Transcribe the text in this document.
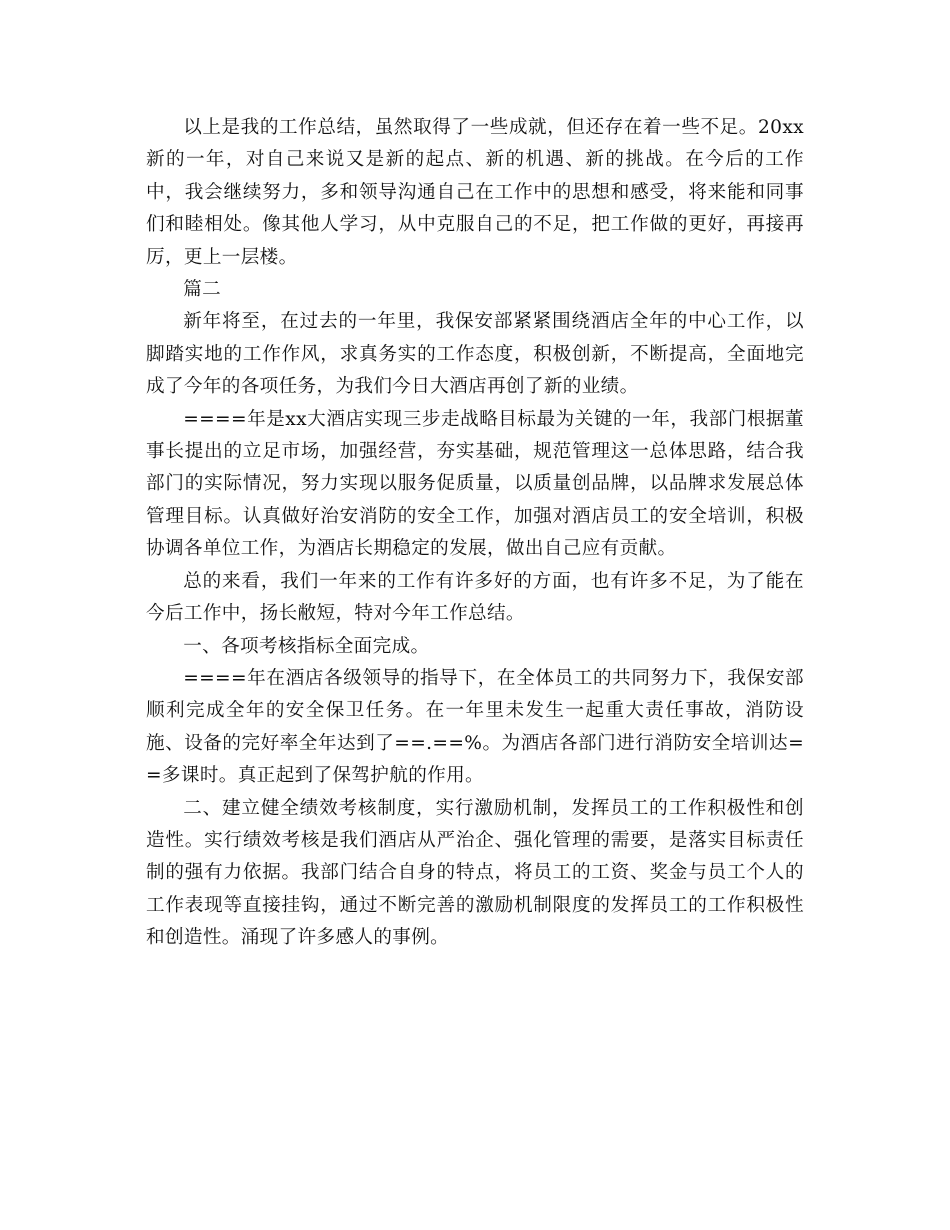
以上是我的工作总结，虽然取得了一些成就，但还存在着一些不足。20xx新的一年，对自己来说又是新的起点、新的机遇、新的挑战。在今后的工作中，我会继续努力，多和领导沟通自己在工作中的思想和感受，将来能和同事们和睦相处。像其他人学习，从中克服自己的不足，把工作做的更好，再接再厉，更上一层楼。

篇二

新年将至，在过去的一年里，我保安部紧紧围绕酒店全年的中心工作，以脚踏实地的工作作风，求真务实的工作态度，积极创新，不断提高，全面地完成了今年的各项任务，为我们今日大酒店再创了新的业绩。

====年是xx大酒店实现三步走战略目标最为关键的一年，我部门根据董事长提出的立足市场，加强经营，夯实基础，规范管理这一总体思路，结合我部门的实际情况，努力实现以服务促质量，以质量创品牌，以品牌求发展总体管理目标。认真做好治安消防的安全工作，加强对酒店员工的安全培训，积极协调各单位工作，为酒店长期稳定的发展，做出自己应有贡献。

总的来看，我们一年来的工作有许多好的方面，也有许多不足，为了能在今后工作中，扬长敝短，特对今年工作总结。

一、各项考核指标全面完成。

====年在酒店各级领导的指导下，在全体员工的共同努力下，我保安部顺利完成全年的安全保卫任务。在一年里未发生一起重大责任事故，消防设施、设备的完好率全年达到了==.==%。为酒店各部门进行消防安全培训达==多课时。真正起到了保驾护航的作用。

二、建立健全绩效考核制度，实行激励机制，发挥员工的工作积极性和创造性。实行绩效考核是我们酒店从严治企、强化管理的需要，是落实目标责任制的强有力依据。我部门结合自身的特点，将员工的工资、奖金与员工个人的工作表现等直接挂钩，通过不断完善的激励机制限度的发挥员工的工作积极性和创造性。涌现了许多感人的事例。
